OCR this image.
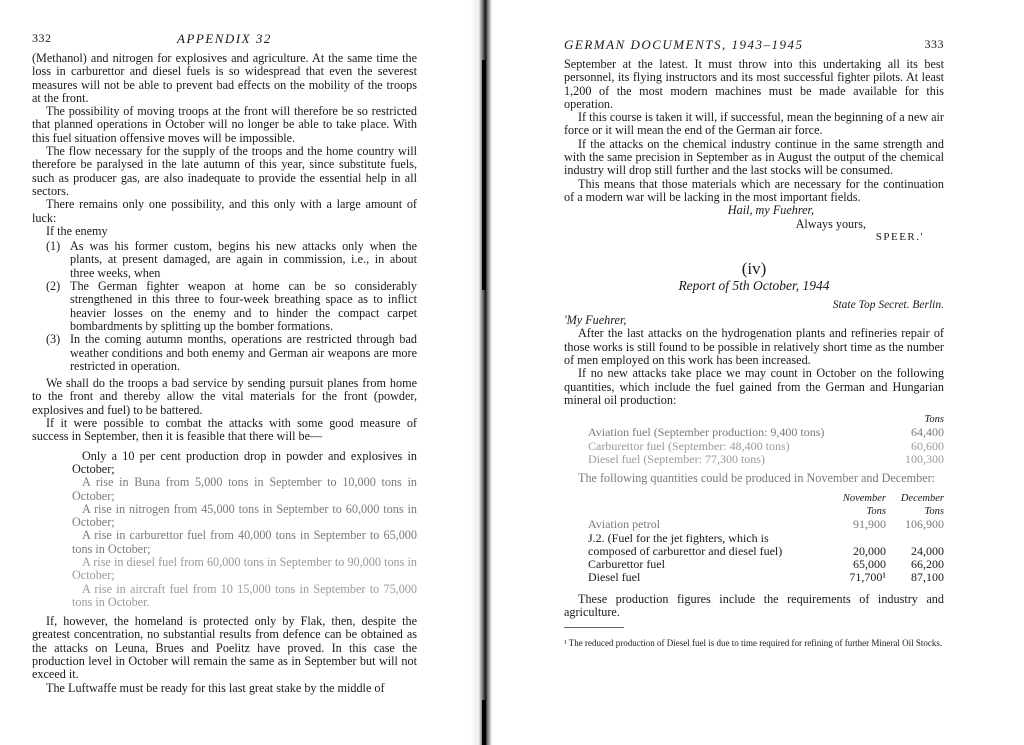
332	APPENDIX 32

(Methanol) and nitrogen for explosives and agriculture. At the same time the loss in carburettor and diesel fuels is so widespread that even the severest measures will not be able to prevent bad effects on the mobility of the troops at the front.

The possibility of moving troops at the front will therefore be so restricted that planned operations in October will no longer be able to take place. With this fuel situation offensive moves will be impossible.

The flow necessary for the supply of the troops and the home country will therefore be paralysed in the late autumn of this year, since substitute fuels, such as producer gas, are also inadequate to provide the essential help in all sectors.

There remains only one possibility, and this only with a large amount of luck:

If the enemy

(1) As was his former custom, begins his new attacks only when the plants, at present damaged, are again in commission, i.e., in about three weeks, when
(2) The German fighter weapon at home can be so considerably strengthened in this three to four-week breathing space as to inflict heavier losses on the enemy and to hinder the compact carpet bombardments by splitting up the bomber formations.
(3) In the coming autumn months, operations are restricted through bad weather conditions and both enemy and German air weapons are more restricted in operation.

We shall do the troops a bad service by sending pursuit planes from home to the front and thereby allow the vital materials for the front (powder, explosives and fuel) to be battered.

If it were possible to combat the attacks with some good measure of success in September, then it is feasible that there will be—

Only a 10 per cent production drop in powder and explosives in October;

A rise in Buna from 5,000 tons in September to 10,000 tons in October;

A rise in nitrogen from 45,000 tons in September to 60,000 tons in October;

A rise in carburettor fuel from 40,000 tons in September to 65,000 tons in October;

A rise in diesel fuel from 60,000 tons in September to 90,000 tons in October;

A rise in aircraft fuel from 10 15,000 tons in September to 75,000 tons in October.

If, however, the homeland is protected only by Flak, then, despite the greatest concentration, no substantial results from defence can be obtained as the attacks on Leuna, Brues and Poelitz have proved. In this case the production level in October will remain the same as in September but will not exceed it.

The Luftwaffe must be ready for this last great stake by the middle of

GERMAN DOCUMENTS, 1943–1945	333

September at the latest. It must throw into this undertaking all its best personnel, its flying instructors and its most successful fighter pilots. At least 1,200 of the most modern machines must be made available for this operation.

If this course is taken it will, if successful, mean the beginning of a new air force or it will mean the end of the German air force.

If the attacks on the chemical industry continue in the same strength and with the same precision in September as in August the output of the chemical industry will drop still further and the last stocks will be consumed.

This means that those materials which are necessary for the continuation of a modern war will be lacking in the most important fields.

Hail, my Fuehrer,
Always yours,
SPEER.'
(iv)
Report of 5th October, 1944
State Top Secret. Berlin.

'My Fuehrer,

After the last attacks on the hydrogenation plants and refineries repair of those works is still found to be possible in relatively short time as the number of men employed on this work has been increased.

If no new attacks take place we may count in October on the following quantities, which include the fuel gained from the German and Hungarian mineral oil production:

	Tons
Aviation fuel (September production: 9,400 tons)	64,400
Carburettor fuel (September: 48,400 tons)	60,600
Diesel fuel (September: 77,300 tons)	100,300

The following quantities could be produced in November and December:

	November	December
	Tons	Tons
Aviation petrol	91,900	106,900
J.2. (Fuel for the jet fighters, which is composed of carburettor and diesel fuel)	20,000	24,000
Carburettor fuel	65,000	66,200
Diesel fuel	71,700¹	87,100

These production figures include the requirements of industry and agriculture.

¹ The reduced production of Diesel fuel is due to time required for refining of further Mineral Oil Stocks.
